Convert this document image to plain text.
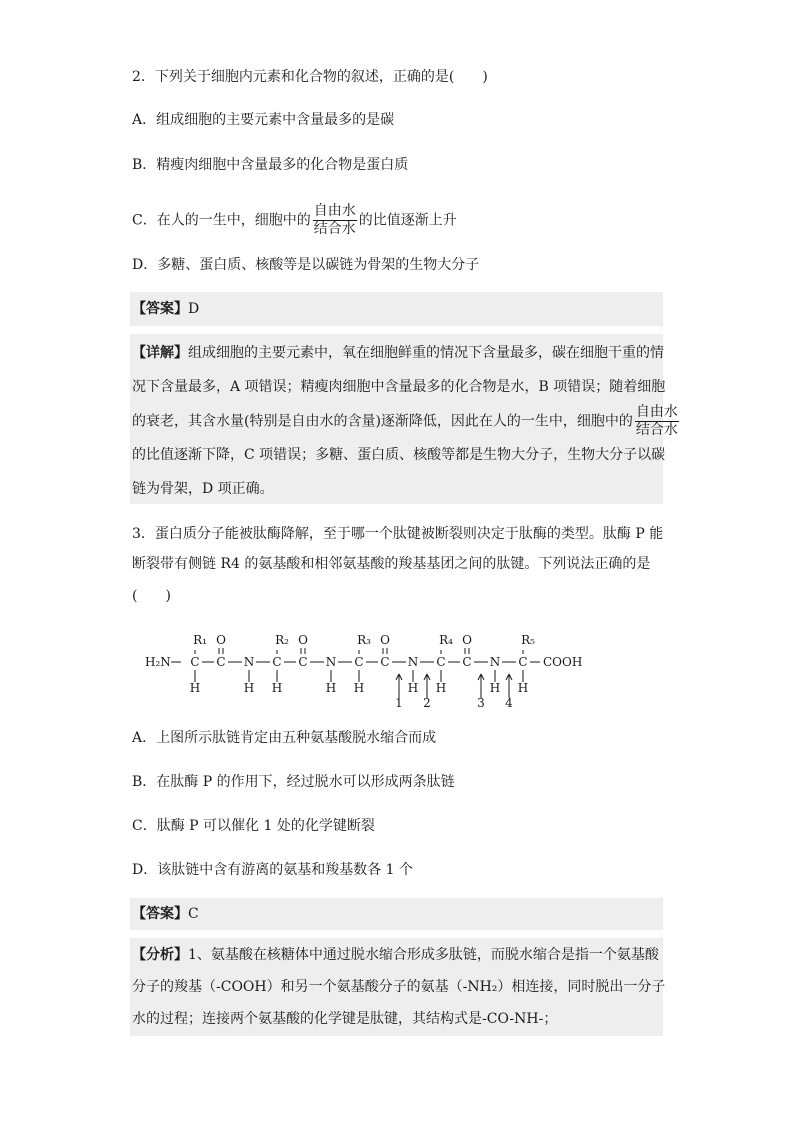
2．下列关于细胞内元素和化合物的叙述，正确的是(　　)
A．组成细胞的主要元素中含量最多的是碳
B．精瘦肉细胞中含量最多的化合物是蛋白质
C．在人的一生中，细胞中的 $\frac{\text{自由水}}{\text{结合水}}$ 的比值逐渐上升
D．多糖、蛋白质、核酸等是以碳链为骨架的生物大分子
【答案】D
【详解】组成细胞的主要元素中，氧在细胞鲜重的情况下含量最多，碳在细胞干重的情
况下含量最多，A 项错误；精瘦肉细胞中含量最多的化合物是水，B 项错误；随着细胞
的衰老，其含水量(特别是自由水的含量)逐渐降低，因此在人的一生中，细胞中的 $\frac{\text{自由水}}{\text{结合水}}$
的比值逐渐下降，C 项错误；多糖、蛋白质、核酸等都是生物大分子，生物大分子以碳
链为骨架，D 项正确。
3．蛋白质分子能被肽酶降解，至于哪一个肽键被断裂则决定于肽酶的类型。肽酶 P 能
断裂带有侧链 R4 的氨基酸和相邻氨基酸的羧基基团之间的肽键。下列说法正确的是
(　　)
H₂N C
R₁
H
C
O
N
H
C
R₂
H
C
O
N
H
C
R₃
H
C
O
N
H
C
R₄
H
C
O
N
H
C
R₅
H
COOH
1 2	3 4
A．上图所示肽链肯定由五种氨基酸脱水缩合而成
B．在肽酶 P 的作用下，经过脱水可以形成两条肽链
C．肽酶 P 可以催化 1 处的化学键断裂
D．该肽链中含有游离的氨基和羧基数各 1 个
【答案】C
【分析】1、氨基酸在核糖体中通过脱水缩合形成多肽链，而脱水缩合是指一个氨基酸
分子的羧基（-COOH）和另一个氨基酸分子的氨基（-NH₂）相连接，同时脱出一分子
水的过程；连接两个氨基酸的化学键是肽键，其结构式是-CO-NH-；
